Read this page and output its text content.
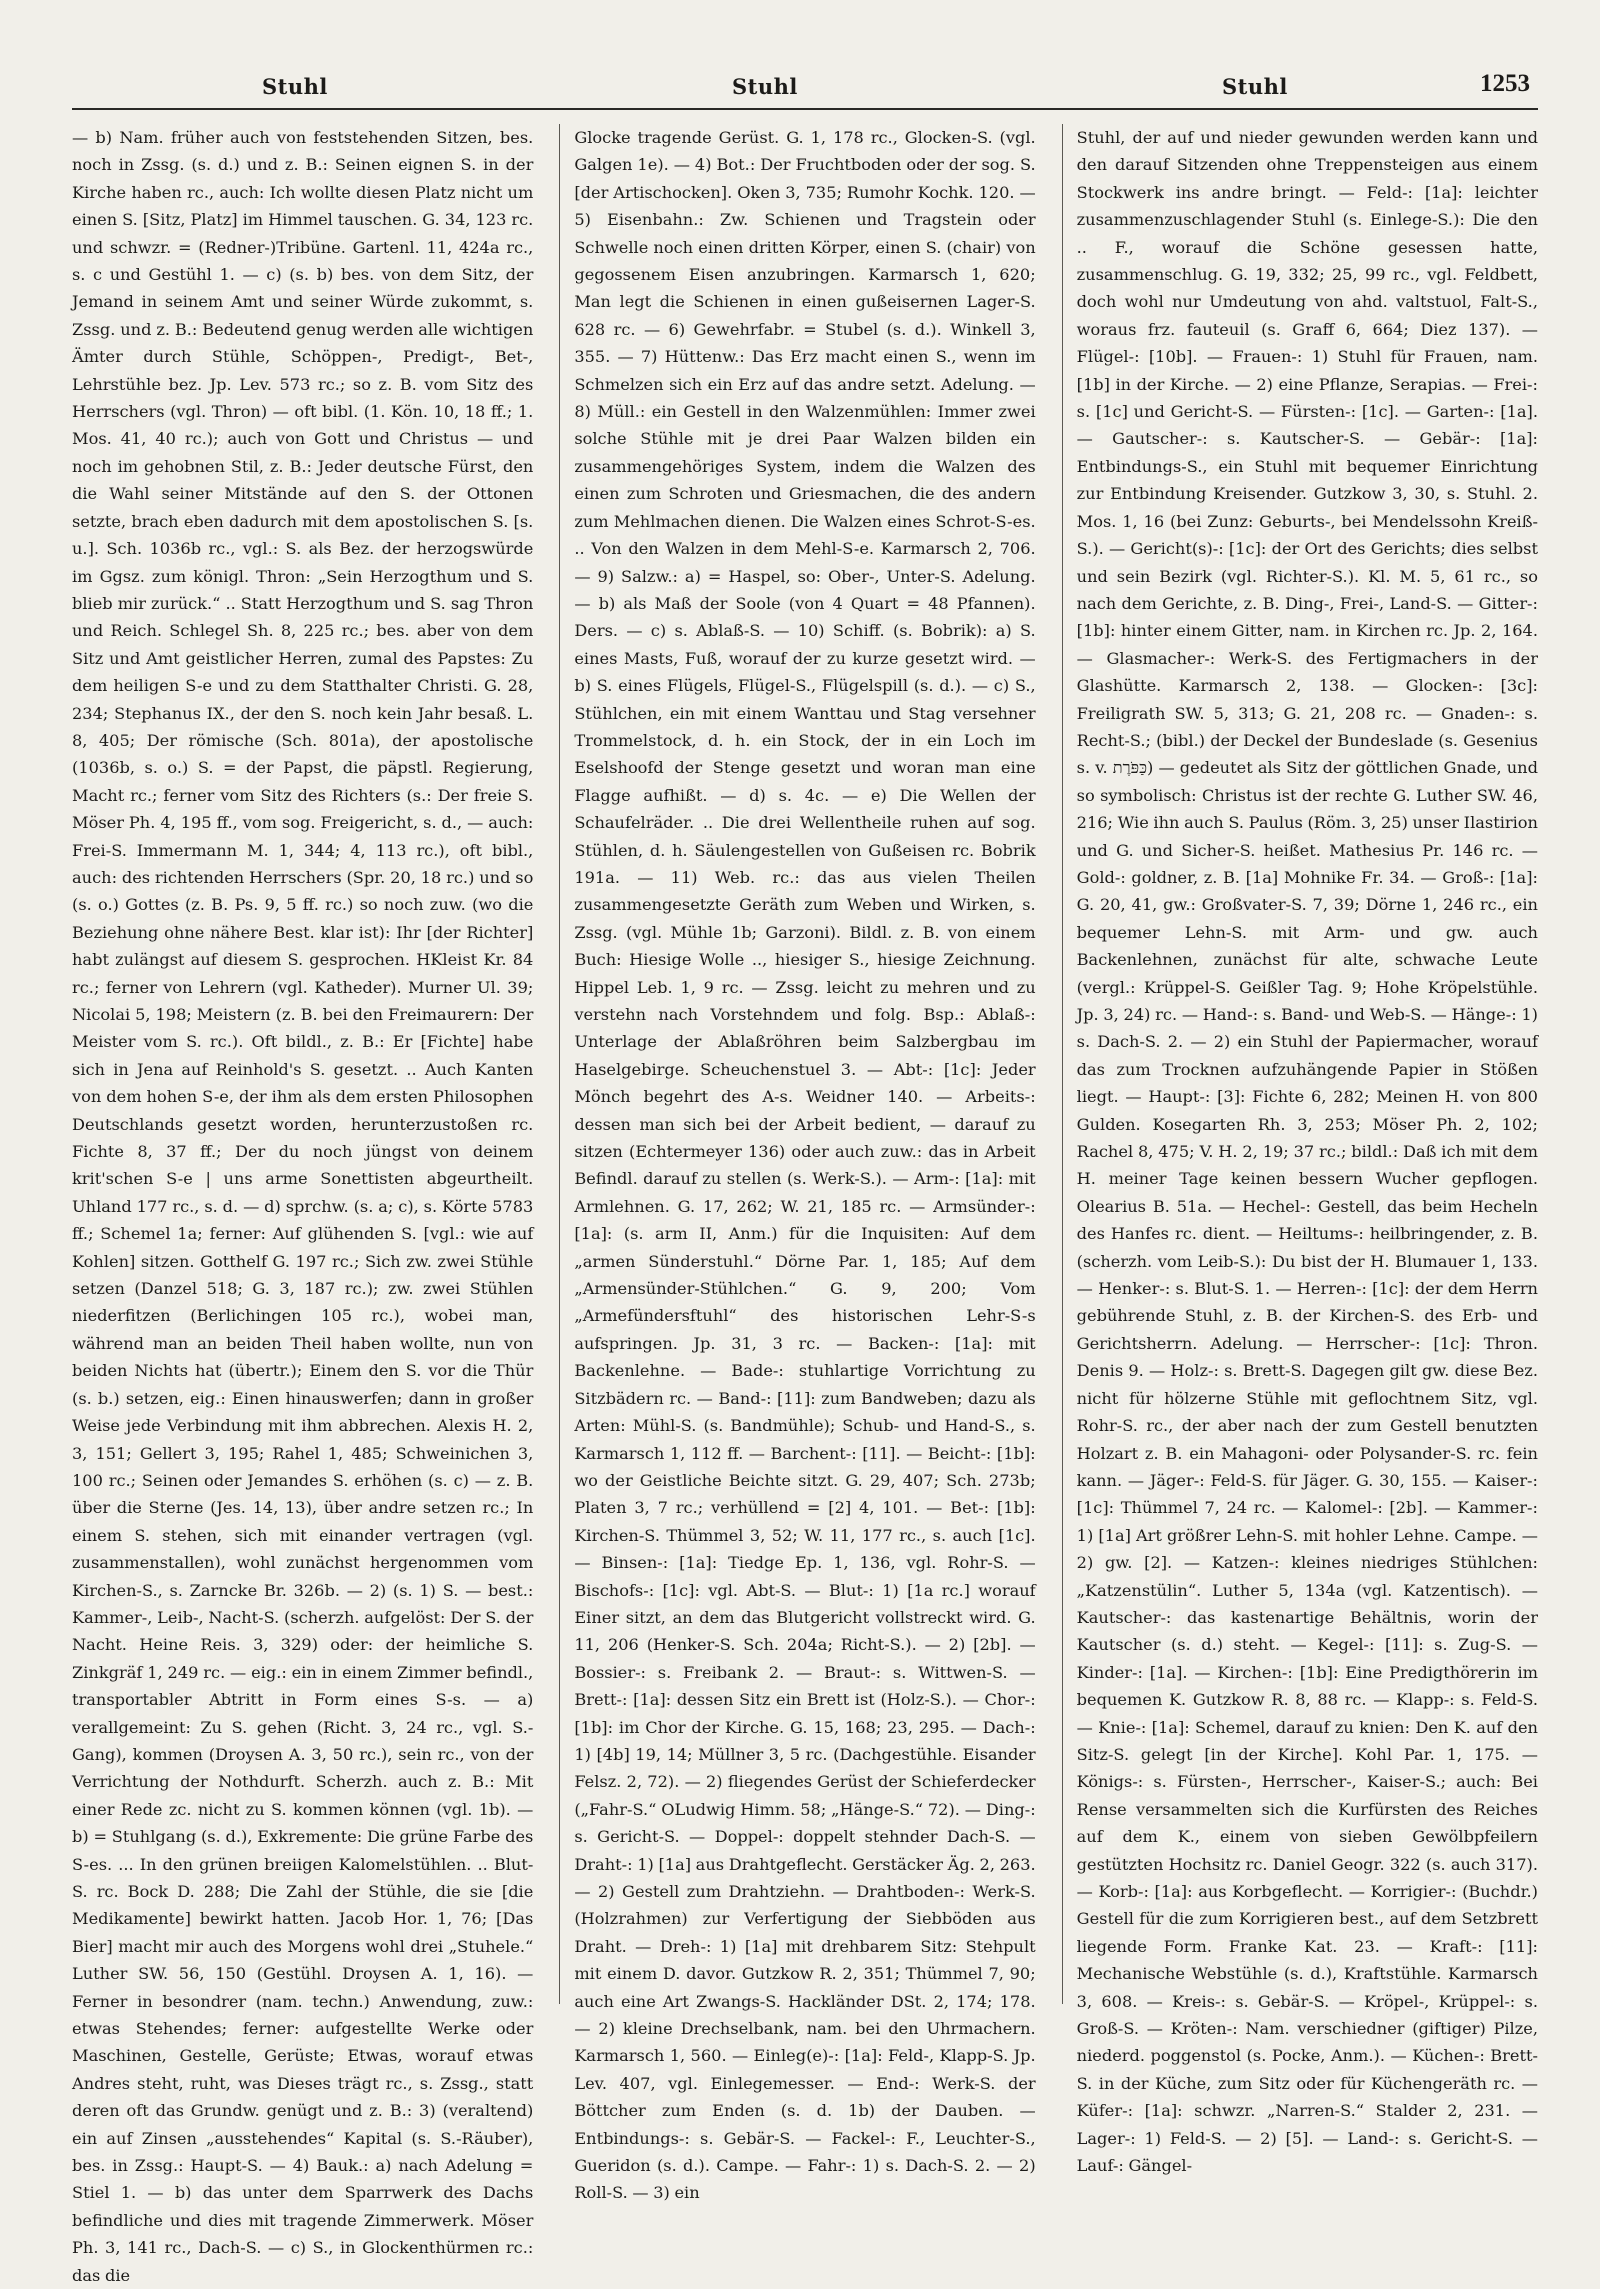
Stuhl	Stuhl	Stuhl	1253

— b) Nam. früher auch von feststehenden Sitzen, bes. noch in Zssg. (s. d.) und z. B.: Seinen eignen S. in der Kirche haben rc., auch: Ich wollte diesen Platz nicht um einen S. [Sitz, Platz] im Himmel tauschen. G. 34, 123 rc. und schwzr. = (Redner-)Tribüne. Gartenl. 11, 424a rc., s. c und Gestühl 1. — c) (s. b) bes. von dem Sitz, der Jemand in seinem Amt und seiner Würde zukommt, s. Zssg. und z. B.: Bedeutend genug werden alle wichtigen Ämter durch Stühle, Schöppen-, Predigt-, Bet-, Lehrstühle bez. Jp. Lev. 573 rc.; so z. B. vom Sitz des Herrschers (vgl. Thron) — oft bibl. (1. Kön. 10, 18 ff.; 1. Mos. 41, 40 rc.); auch von Gott und Christus — und noch im gehobnen Stil, z. B.: Jeder deutsche Fürst, den die Wahl seiner Mitstände auf den S. der Ottonen setzte, brach eben dadurch mit dem apostolischen S. [s. u.]. Sch. 1036b rc., vgl.: S. als Bez. der herzogswürde im Ggsz. zum königl. Thron: „Sein Herzogthum und S. blieb mir zurück.“ .. Statt Herzogthum und S. sag Thron und Reich. Schlegel Sh. 8, 225 rc.; bes. aber von dem Sitz und Amt geistlicher Herren, zumal des Papstes: Zu dem heiligen S-e und zu dem Statthalter Christi. G. 28, 234; Stephanus IX., der den S. noch kein Jahr besaß. L. 8, 405; Der römische (Sch. 801a), der apostolische (1036b, s. o.) S. = der Papst, die päpstl. Regierung, Macht rc.; ferner vom Sitz des Richters (s.: Der freie S. Möser Ph. 4, 195 ff., vom sog. Freigericht, s. d., — auch: Frei-S. Immermann M. 1, 344; 4, 113 rc.), oft bibl., auch: des richtenden Herrschers (Spr. 20, 18 rc.) und so (s. o.) Gottes (z. B. Ps. 9, 5 ff. rc.) so noch zuw. (wo die Beziehung ohne nähere Best. klar ist): Ihr [der Richter] habt zulängst auf diesem S. gesprochen. HKleist Kr. 84 rc.; ferner von Lehrern (vgl. Katheder). Murner Ul. 39; Nicolai 5, 198; Meistern (z. B. bei den Freimaurern: Der Meister vom S. rc.). Oft bildl., z. B.: Er [Fichte] habe sich in Jena auf Reinhold's S. gesetzt. .. Auch Kanten von dem hohen S-e, der ihm als dem ersten Philosophen Deutschlands gesetzt worden, herunterzustoßen rc. Fichte 8, 37 ff.; Der du noch jüngst von deinem krit'schen S-e | uns arme Sonettisten abgeurtheilt. Uhland 177 rc., s. d. — d) sprchw. (s. a; c), s. Körte 5783 ff.; Schemel 1a; ferner: Auf glühenden S. [vgl.: wie auf Kohlen] sitzen. Gotthelf G. 197 rc.; Sich zw. zwei Stühle setzen (Danzel 518; G. 3, 187 rc.); zw. zwei Stühlen niederfitzen (Berlichingen 105 rc.), wobei man, während man an beiden Theil haben wollte, nun von beiden Nichts hat (übertr.); Einem den S. vor die Thür (s. b.) setzen, eig.: Einen hinauswerfen; dann in großer Weise jede Verbindung mit ihm abbrechen. Alexis H. 2, 3, 151; Gellert 3, 195; Rahel 1, 485; Schweinichen 3, 100 rc.; Seinen oder Jemandes S. erhöhen (s. c) — z. B. über die Sterne (Jes. 14, 13), über andre setzen rc.; In einem S. stehen, sich mit einander vertragen (vgl. zusammenstallen), wohl zunächst hergenommen vom Kirchen-S., s. Zarncke Br. 326b. — 2) (s. 1) S. — best.: Kammer-, Leib-, Nacht-S. (scherzh. aufgelöst: Der S. der Nacht. Heine Reis. 3, 329) oder: der heimliche S. Zinkgräf 1, 249 rc. — eig.: ein in einem Zimmer befindl., transportabler Abtritt in Form eines S-s. — a) verallgemeint: Zu S. gehen (Richt. 3, 24 rc., vgl. S.-Gang), kommen (Droysen A. 3, 50 rc.), sein rc., von der Verrichtung der Nothdurft. Scherzh. auch z. B.: Mit einer Rede zc. nicht zu S. kommen können (vgl. 1b). — b) = Stuhlgang (s. d.), Exkremente: Die grüne Farbe des S-es. ... In den grünen breiigen Kalomelstühlen. .. Blut-S. rc. Bock D. 288; Die Zahl der Stühle, die sie [die Medikamente] bewirkt hatten. Jacob Hor. 1, 76; [Das Bier] macht mir auch des Morgens wohl drei „Stuhele.“ Luther SW. 56, 150 (Gestühl. Droysen A. 1, 16). — Ferner in besondrer (nam. techn.) Anwendung, zuw.: etwas Stehendes; ferner: aufgestellte Werke oder Maschinen, Gestelle, Gerüste; Etwas, worauf etwas Andres steht, ruht, was Dieses trägt rc., s. Zssg., statt deren oft das Grundw. genügt und z. B.: 3) (veraltend) ein auf Zinsen „ausstehendes“ Kapital (s. S.-Räuber), bes. in Zssg.: Haupt-S. — 4) Bauk.: a) nach Adelung = Stiel 1. — b) das unter dem Sparrwerk des Dachs befindliche und dies mit tragende Zimmerwerk. Möser Ph. 3, 141 rc., Dach-S. — c) S., in Glockenthürmen rc.: das die

Glocke tragende Gerüst. G. 1, 178 rc., Glocken-S. (vgl. Galgen 1e). — 4) Bot.: Der Fruchtboden oder der sog. S. [der Artischocken]. Oken 3, 735; Rumohr Kochk. 120. — 5) Eisenbahn.: Zw. Schienen und Tragstein oder Schwelle noch einen dritten Körper, einen S. (chair) von gegossenem Eisen anzubringen. Karmarsch 1, 620; Man legt die Schienen in einen gußeisernen Lager-S. 628 rc. — 6) Gewehrfabr. = Stubel (s. d.). Winkell 3, 355. — 7) Hüttenw.: Das Erz macht einen S., wenn im Schmelzen sich ein Erz auf das andre setzt. Adelung. — 8) Müll.: ein Gestell in den Walzenmühlen: Immer zwei solche Stühle mit je drei Paar Walzen bilden ein zusammengehöriges System, indem die Walzen des einen zum Schroten und Griesmachen, die des andern zum Mehlmachen dienen. Die Walzen eines Schrot-S-es. .. Von den Walzen in dem Mehl-S-e. Karmarsch 2, 706. — 9) Salzw.: a) = Haspel, so: Ober-, Unter-S. Adelung. — b) als Maß der Soole (von 4 Quart = 48 Pfannen). Ders. — c) s. Ablaß-S. — 10) Schiff. (s. Bobrik): a) S. eines Masts, Fuß, worauf der zu kurze gesetzt wird. — b) S. eines Flügels, Flügel-S., Flügelspill (s. d.). — c) S., Stühlchen, ein mit einem Wanttau und Stag versehner Trommelstock, d. h. ein Stock, der in ein Loch im Eselshoofd der Stenge gesetzt und woran man eine Flagge aufhißt. — d) s. 4c. — e) Die Wellen der Schaufelräder. .. Die drei Wellentheile ruhen auf sog. Stühlen, d. h. Säulengestellen von Gußeisen rc. Bobrik 191a. — 11) Web. rc.: das aus vielen Theilen zusammengesetzte Geräth zum Weben und Wirken, s. Zssg. (vgl. Mühle 1b; Garzoni). Bildl. z. B. von einem Buch: Hiesige Wolle .., hiesiger S., hiesige Zeichnung. Hippel Leb. 1, 9 rc. — Zssg. leicht zu mehren und zu verstehn nach Vorstehndem und folg. Bsp.: Ablaß-: Unterlage der Ablaßröhren beim Salzbergbau im Haselgebirge. Scheuchenstuel 3. — Abt-: [1c]: Jeder Mönch begehrt des A-s. Weidner 140. — Arbeits-: dessen man sich bei der Arbeit bedient, — darauf zu sitzen (Echtermeyer 136) oder auch zuw.: das in Arbeit Befindl. darauf zu stellen (s. Werk-S.). — Arm-: [1a]: mit Armlehnen. G. 17, 262; W. 21, 185 rc. — Armsünder-: [1a]: (s. arm II, Anm.) für die Inquisiten: Auf dem „armen Sünderstuhl.“ Dörne Par. 1, 185; Auf dem „Armensünder-Stühlchen.“ G. 9, 200; Vom „Armefündersftuhl“ des historischen Lehr-S-s aufspringen. Jp. 31, 3 rc. — Backen-: [1a]: mit Backenlehne. — Bade-: stuhlartige Vorrichtung zu Sitzbädern rc. — Band-: [11]: zum Bandweben; dazu als Arten: Mühl-S. (s. Bandmühle); Schub- und Hand-S., s. Karmarsch 1, 112 ff. — Barchent-: [11]. — Beicht-: [1b]: wo der Geistliche Beichte sitzt. G. 29, 407; Sch. 273b; Platen 3, 7 rc.; verhüllend = [2] 4, 101. — Bet-: [1b]: Kirchen-S. Thümmel 3, 52; W. 11, 177 rc., s. auch [1c]. — Binsen-: [1a]: Tiedge Ep. 1, 136, vgl. Rohr-S. — Bischofs-: [1c]: vgl. Abt-S. — Blut-: 1) [1a rc.] worauf Einer sitzt, an dem das Blutgericht vollstreckt wird. G. 11, 206 (Henker-S. Sch. 204a; Richt-S.). — 2) [2b]. — Bossier-: s. Freibank 2. — Braut-: s. Wittwen-S. — Brett-: [1a]: dessen Sitz ein Brett ist (Holz-S.). — Chor-: [1b]: im Chor der Kirche. G. 15, 168; 23, 295. — Dach-: 1) [4b] 19, 14; Müllner 3, 5 rc. (Dachgestühle. Eisander Felsz. 2, 72). — 2) fliegendes Gerüst der Schieferdecker („Fahr-S.“ OLudwig Himm. 58; „Hänge-S.“ 72). — Ding-: s. Gericht-S. — Doppel-: doppelt stehnder Dach-S. — Draht-: 1) [1a] aus Drahtgeflecht. Gerstäcker Äg. 2, 263. — 2) Gestell zum Drahtziehn. — Drahtboden-: Werk-S. (Holzrahmen) zur Verfertigung der Siebböden aus Draht. — Dreh-: 1) [1a] mit drehbarem Sitz: Stehpult mit einem D. davor. Gutzkow R. 2, 351; Thümmel 7, 90; auch eine Art Zwangs-S. Hackländer DSt. 2, 174; 178. — 2) kleine Drechselbank, nam. bei den Uhrmachern. Karmarsch 1, 560. — Einleg(e)-: [1a]: Feld-, Klapp-S. Jp. Lev. 407, vgl. Einlegemesser. — End-: Werk-S. der Böttcher zum Enden (s. d. 1b) der Dauben. — Entbindungs-: s. Gebär-S. — Fackel-: F., Leuchter-S., Gueridon (s. d.). Campe. — Fahr-: 1) s. Dach-S. 2. — 2) Roll-S. — 3) ein

Stuhl, der auf und nieder gewunden werden kann und den darauf Sitzenden ohne Treppensteigen aus einem Stockwerk ins andre bringt. — Feld-: [1a]: leichter zusammenzuschlagender Stuhl (s. Einlege-S.): Die den .. F., worauf die Schöne gesessen hatte, zusammenschlug. G. 19, 332; 25, 99 rc., vgl. Feldbett, doch wohl nur Umdeutung von ahd. valtstuol, Falt-S., woraus frz. fauteuil (s. Graff 6, 664; Diez 137). — Flügel-: [10b]. — Frauen-: 1) Stuhl für Frauen, nam. [1b] in der Kirche. — 2) eine Pflanze, Serapias. — Frei-: s. [1c] und Gericht-S. — Fürsten-: [1c]. — Garten-: [1a]. — Gautscher-: s. Kautscher-S. — Gebär-: [1a]: Entbindungs-S., ein Stuhl mit bequemer Einrichtung zur Entbindung Kreisender. Gutzkow 3, 30, s. Stuhl. 2. Mos. 1, 16 (bei Zunz: Geburts-, bei Mendelssohn Kreiß-S.). — Gericht(s)-: [1c]: der Ort des Gerichts; dies selbst und sein Bezirk (vgl. Richter-S.). Kl. M. 5, 61 rc., so nach dem Gerichte, z. B. Ding-, Frei-, Land-S. — Gitter-: [1b]: hinter einem Gitter, nam. in Kirchen rc. Jp. 2, 164. — Glasmacher-: Werk-S. des Fertigmachers in der Glashütte. Karmarsch 2, 138. — Glocken-: [3c]: Freiligrath SW. 5, 313; G. 21, 208 rc. — Gnaden-: s. Recht-S.; (bibl.) der Deckel der Bundeslade (s. Gesenius s. v. כַּפֹּרֶת) — gedeutet als Sitz der göttlichen Gnade, und so symbolisch: Christus ist der rechte G. Luther SW. 46, 216; Wie ihn auch S. Paulus (Röm. 3, 25) unser Ilastirion und G. und Sicher-S. heißet. Mathesius Pr. 146 rc. — Gold-: goldner, z. B. [1a] Mohnike Fr. 34. — Groß-: [1a]: G. 20, 41, gw.: Großvater-S. 7, 39; Dörne 1, 246 rc., ein bequemer Lehn-S. mit Arm- und gw. auch Backenlehnen, zunächst für alte, schwache Leute (vergl.: Krüppel-S. Geißler Tag. 9; Hohe Kröpelstühle. Jp. 3, 24) rc. — Hand-: s. Band- und Web-S. — Hänge-: 1) s. Dach-S. 2. — 2) ein Stuhl der Papiermacher, worauf das zum Trocknen aufzuhängende Papier in Stößen liegt. — Haupt-: [3]: Fichte 6, 282; Meinen H. von 800 Gulden. Kosegarten Rh. 3, 253; Möser Ph. 2, 102; Rachel 8, 475; V. H. 2, 19; 37 rc.; bildl.: Daß ich mit dem H. meiner Tage keinen bessern Wucher gepflogen. Olearius B. 51a. — Hechel-: Gestell, das beim Hecheln des Hanfes rc. dient. — Heiltums-: heilbringender, z. B. (scherzh. vom Leib-S.): Du bist der H. Blumauer 1, 133. — Henker-: s. Blut-S. 1. — Herren-: [1c]: der dem Herrn gebührende Stuhl, z. B. der Kirchen-S. des Erb- und Gerichtsherrn. Adelung. — Herrscher-: [1c]: Thron. Denis 9. — Holz-: s. Brett-S. Dagegen gilt gw. diese Bez. nicht für hölzerne Stühle mit geflochtnem Sitz, vgl. Rohr-S. rc., der aber nach der zum Gestell benutzten Holzart z. B. ein Mahagoni- oder Polysander-S. rc. fein kann. — Jäger-: Feld-S. für Jäger. G. 30, 155. — Kaiser-: [1c]: Thümmel 7, 24 rc. — Kalomel-: [2b]. — Kammer-: 1) [1a] Art größrer Lehn-S. mit hohler Lehne. Campe. — 2) gw. [2]. — Katzen-: kleines niedriges Stühlchen: „Katzenstülin“. Luther 5, 134a (vgl. Katzentisch). — Kautscher-: das kastenartige Behältnis, worin der Kautscher (s. d.) steht. — Kegel-: [11]: s. Zug-S. — Kinder-: [1a]. — Kirchen-: [1b]: Eine Predigthörerin im bequemen K. Gutzkow R. 8, 88 rc. — Klapp-: s. Feld-S. — Knie-: [1a]: Schemel, darauf zu knien: Den K. auf den Sitz-S. gelegt [in der Kirche]. Kohl Par. 1, 175. — Königs-: s. Fürsten-, Herrscher-, Kaiser-S.; auch: Bei Rense versammelten sich die Kurfürsten des Reiches auf dem K., einem von sieben Gewölbpfeilern gestützten Hochsitz rc. Daniel Geogr. 322 (s. auch 317). — Korb-: [1a]: aus Korbgeflecht. — Korrigier-: (Buchdr.) Gestell für die zum Korrigieren best., auf dem Setzbrett liegende Form. Franke Kat. 23. — Kraft-: [11]: Mechanische Webstühle (s. d.), Kraftstühle. Karmarsch 3, 608. — Kreis-: s. Gebär-S. — Kröpel-, Krüppel-: s. Groß-S. — Kröten-: Nam. verschiedner (giftiger) Pilze, niederd. poggenstol (s. Pocke, Anm.). — Küchen-: Brett-S. in der Küche, zum Sitz oder für Küchengeräth rc. — Küfer-: [1a]: schwzr. „Narren-S.“ Stalder 2, 231. — Lager-: 1) Feld-S. — 2) [5]. — Land-: s. Gericht-S. — Lauf-: Gängel-
